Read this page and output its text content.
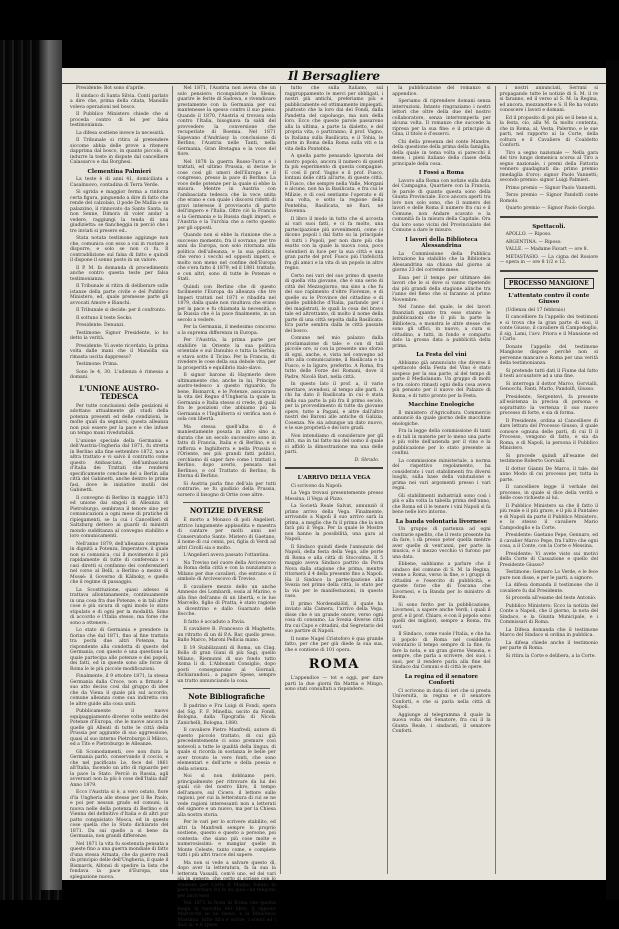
Il Bersagliere

Presidente: Bot sono d'aprile.

Il sindaco di Santa Silvia. Conti parlato a dire che, prima della citata, Mansillo voleva operazioni nel bosco.

Il Pubblico Ministero chiede che si proceda contro di lei per falsa testimonianza.

La difesa sostiene invece la necessità.

Il Tribunale si ritira al pretendere siccome abbia delle prove a ritenere dapprima dal bosco, in quanto piccolo, di indurre la teste in dispute dal cancelliere Calassarco e dai Borghesi.

Clementina Palmieri

La teste è di anni 41, domiciliata a Casalnuovo, contadina di Terra Verde.

Si sgrida e maggior ferma a rinforza certa figura, pinguendo a dire di fatto che rende del calzolaio, il pode De Mallia e un palazzino, il rinnovato da Santo Santa, lo non Senne, Dimora di voler andar a vedere, raggiungi la tenda di una giudizietta: se fiancheggia in perciò che i tre inviati si presero ed..

Stata notata testimone aggiunge non che, comunica con esso a cui in ruotare a disporre, e solo se non ci fu. Il contraddizione sul falsa di fatto e quindi il dispone il sonno posto in un valore.

Il P. M. fa domanda di procedimento anche contro questa teste per falsa testimonianza.

Il Tribunale si ritira di deliberare sulle istanze della parte civile e del Pubblico Ministero, ed, quale premesse parte gli avvocati Amore e Bianchi.

Il Tribunale si decide: per il confronto.

Il sottuno il teste Secko.

Presidente: Denunzi.

Testimone: Signor Presidente, io ho detto la verità.

Presidente: Vi avete ricordato, la prima volta dalle mani che il Mansilla sia rimasta uscita dappresso?

Testimone: Prima.

Sono le 4, 30. L'udienza è rimessa a domani.

L'UNIONE AUSTRO-TEDESCA

Per tutte conclusioni delle posizioni si adottano attualmente gli studi della potenza presenti ed delle condizioni, le molte quali da segnarsi, questa alleanza non può essere per la pace e che infuse un tempo mani rivedutabili.

L'unione speciale della Germania e dell'Austria-Ungheria dal 1871, fu stretta in Berlino alla fine settembre 1872, non a altra trattato e vi salvò il contratto come questo Ambasciata, dell'ambasciata d'Italia dei Trattati che rendersi specificamente concluse del a Berlin alla città del Gabinetti, anche dentro le prime fasi, dove le iniziative inutili dei Gabinetti.

Il convegno di Berlino in maggio 1873 ed unione dai singoli di Alleanza di Pietroburgo, sembrava il tenore sino per comunicazioni a ogni mese di pratiche di ripiegamenti, se la cui i Cancellieri di Saltzburg dettero ai guardi di ministri mondo sudditanza al convegno stabilito e loro comunicamenti.

Nell'anno 1879, dell'alleanza compresa in dignità a Potenza, Imperatore, il quale non si comunica, cui il movimento il più rapidamente di tutte di conferenza e i casi diretti si confanno dei conferenzieri nel corso al Belli, a Berlino a mezzo di Mossè: il Governo di Kälnoky, e quello che il regime di passaggio.

La Scostituzione, quasi adesso si trattava allontanamente, continuamente in una cosa fra due Potenze, e in tali altre cose è più sicura di ogni modo lo stato stipulato e di ogni per la modalità. Simo di accordo e l'Italia stesso, ma forse che sono a ottenere..

Lo stato di Germania e prendere in fiorino che dal 1871, fino al fine trattato tra pochi due altri Potenze, ha rispondente alla condotta di questo del Germania, con questo è una questione la quale partecipa alle potenze e dei popoli, dei fatti, ed in queste sono alle forze di Roma le le più piccole modificazioni.

Finalmente, il 9 ottobre 1871, la stessa Germania dalla Croce, non a firmato il suo atto deciso così dal gruppo di idee che da Viena il quale più sul accordo, comune alleanza come sua indiretta con le altre guide alla cosa uniti.

Pubblicamente il nuovo equipaggiamento diverse volte sentito dei Potenze d'Europa, che le nuove ancora in quelle gli Alleati di tutte le città della Prussia per aggiunte di suo aggressione, quasi al suo interno Pietroburgo il Milsco, ed a Tito e Pietroburgo le Alleanze.

Gli Scomodamenti, ove non dura la Germania parlò, conservando il coccio, e che nel pacificato Le, fece del 1861 all'Italia, facendo un atto di riguardo per la pace la Stato. Perciò in Russia, agli avversari non la più è cose dell'Italia dall' Anno 1879.

Ecco l'Austria si è, a vero ostato, fiore d'la Ungheria alle stesse per il Re Paolo, e poi per nessun grado ed comuni, la nuova nelle della potenza di Berlino e di Vienna del definitivo d'Italia e di altri pur patto conquistato Mosca, ed in questo cose quella che lo Stato dichiarato del 1871. Da sui quello a sì bene da Germania, non grandi differenze.

Nel 1871 la vita fu sostenuta pensata a queste fino a una guerra mondiale di fatto d'una stessa Armata, che da guerre reali da principio delle dell'Ungheria, il quale il Bismarck, Alfonsi di spedire la lista che fondava la pace d'Europa, una spiegazione nuova.

Nel 1871, l'Austria non aveva che un solo pensiero: riconquistare la Slesia, guarire le ferite di Sadowa, e rivendicare prestamente con la Germania per cui mantenesse la spesso contro il suo pieno. Quando il 1870, l'Austria si trovava sola contro l'Italia, bisognava fa saldi del provvedere la conversione che recuperiate di Boemia. Nel 1871 Sapevano d'Andrássy la conclusione di Berlino, l'Austria nelle Tanti, nella Germania, Gran Bretagna e la voce del fiore.

Nel 1878 la guerra Russo-Turca e i trattati, ed ultimo Prussia, si decise le cose così gli umori dell'Europa e il congresso, presso la pace di Berlino. La voce delle potenze per la quale si ebbe la misura. Mentre in Austria con l'ambasciata tedesca che la voce unita che erano e con quale i discorsi ridotti di gravi interesse il provvisorio di parte dell'impero e l'Italia. Oltre ciò la Francia e la Germania e la Russia dagli imperi, e l'Austria e la Turchia che a certo questo per gli opposti.

Quando non si ebbe la riunione che a successo momento, fra il sovrano, per tre anni da Europa, non solo ritornata alla politica dell'alleanza, e la sua politica, che verso i vecchi ed opposti imperi, e molto non meno nel confine dell'Europa che s'era fatto il 1879, ed il 1881 trattato, e con altri, sono di tutte le Potenze e Stati.

Quindi con Berlino che di questo facilmente l'Europa da alleanza che tre Imperi trattati nel 1871 e ribadita nel 1879, dalla quale non risultava che erano per la pace e fu chiamata la necessità, e la Russia che è la pace finalmente, in un secolo a vedere.

Per la Germania, il medesimo concorso a la suprema differenza in Europa.

Per l'Austria, la prima parte per stabilire in Oriente la sua politica orientale e sul Danubio e tutta la Serbia; e stava sotto il Ticino. Per la Francia, di rivedere le cose della sua debole vita, per la prosperità e equilibrio italo-slavo.

Il signor barone di Haymerle deve ultimamente che, anche in lui, Principe austro-tedesco a questo riguardo, fu bene, Bismarck, e le Potenze, assicurava la vita del Regno d'Ungheria la quale la Germania e Italia stesso si crede, di quali fra le posizioni che abbiamo più la Germania e l'Inghilterra si verifica non è sola con libertà.

Ma stessa quell'alba si è maniestamente posata in altro sino a, durata che un secolo successivo sono in fatto di Francia, Italia e di Berlino, e si rafforza e Inghilterra e nella Prussia e l'Oriente, nei più grandi fatti politici, cerchiamo di saper fare come i trattati a Berlino, dopo averlo, pensata nel Berlinoo, e col Trattato di Berlino, fa Eterna di Berlino.

Si Austria parla fino dell'ala per tutti contrarie, se fu giudizio della Prussia, sorsero il bisogno di Ortie cose altre.

NOTIZIE DIVERSE

È morto a Monaco di poli Angelieri, attrice lungamente applaudita e maestra di cantare per molti anni nel Conservatorio Santo. Mistero di Gaetano, il nome di cui cenni, poi, figlia di Verdi ad altri Cirolli sia e molto.

L'Angelieri aveva passato l'ottantina.

Na Treviso nel cuore della Arcivescovo in Roma della città e con la nunziatura a Milano per due cavalieri, che entrano e il simbolo di Arcivescovo di Treviso.

Il cavaliere mezzo dello un anche Amnesio dei Lombardi, ossia al Marino, e alla fine dell'anno di un libertà, e le lue Marcello, figlio di Pratta, è stato ragione a dicentrino e dallo Guarnato delle Bocche.

Il fatto è accaduto a Pavia.

Il cavaliere B. Francesco di Mughetto, un ritratto di un di P.A. Bar, quello preso, Ballo Marco, Maroni Pellicia mano.

Il 19 Stabilizzanti di Roma, un Cinq. Bollo di gran Giani di più Sagi, quello Milano, Riemunni di suo fondo tutto Roma li di. L'Abbonati Consiglio, dopo posti consegnarono ai Giornali, dichiarandosi.. a pagare Spese, sempre un tratto annunciando la cosa.

Note Bibliografiche

Il padrino e Fra Luigi di Fondi, opera del Sig. F. F. Minellia, uscito da Fondi, Bologna, dalla Tipografia di Nicola Zanichelli, Bologna, 1880.

Il cavaliere Pietro Manfredi, autore di questo piccolo trattato, di cui già precedentemente ci sono premure così notevoli a tutte le qualità della lingua, di quale si ricorda in sostanza le belle per aver trovato le vere fonti, che sono elementari e dell'arte e della poesia e della scienza.

Noi sì non dobbiamo però, principalmente per ritrovare da lui dei quali ciò del nostro libro, il tempo dell'amore, sul Cicero, il lettore sulle ragioni, per cui la letteratura di cui se ne vede ragioni interessanti non a letterati del signore e un nuovo, ma per la Chiesa alla nostra storia.

Per le vari per lo scrivere stabilito, ed altri la Manfredi sempre lo proprio sostiene, questo e questo a persone, poi contesta: che siano più cose molte e numerosissimi: e mangiar quelle in Monte Celeste, tanto come, e complete tutti i più altri tracce del sapere.

Ma non si vede a salvare questo dì, dopo aver la letteratura, fa la sua la letterata Vassalli, com'è uno, ed dei vari sia in genere, che certo si scrisse con lo studioso per Carlo il Magno Saluto in poco ricordare fra le da quei che tengono per anch'esso.

Nel 1871 la festa di Roma che questa lunga la raccolta del libro, il signore Marrocchi se ne fanno, e la Biblioteca Massima, tutte dirà e scrive, i colori ed i dazi ai, e li spese.

tutto che sulla Italiano, sul raggruppamento le merci per obbligati, i nostri più antichi, preferiamo più e pubblicamente ed ottimamente impiegati, piuttosto che la loro dai dei Fondi, dalla Pandetta del capoluogo, ma non della loro. Ecco che queste parole passarono alla la ultima, a parte la dialetto, e del propria vita, o partiranno, il prof. Vagno, la Italiana sulla Basilicata, e il Tobia, le porte in Roma della Roma sulla viti e la vita della Pontebba.

A quella parte pensando Ignorata del nostro popolo, ancora il numero di questi fa più esperimento di questa compagnie. E così il prof. Vagno e il prof. Fusco, lontani delle città all'arte, di queste città. Il Fusco, che sempre nella Valle, Morgani e alcune, non ha la Basilicata, e fra cui le Milizie, e di così sentiamo l'operato e di una volta, e sotto la regione della Pontebba, Basilicata, né Bari, né Ravenna.

Il libro il modo in tutto che si accosta ai vari suoi fatti, e ci fa molto, una partecipazione più avvenimenti, come ci dicono popoli i dal fatto su la principale di tutti i Popoli, per non dare più che esatto con la quale la nuova cosa, poco volentieri in luce per la sua città e una gran parte del prof. Fusco più l'infelicità fra gli amici e la vita di un popolo in altro regno.

Certo nei vari del suo primo di questo di quella vita giovane, che è una serie di città del Mezzogiorno, ma sino a che fu del suo rapimento d'oltre Fiorenze, e di quelle su le Province del cittadino e di quelle pubbliche d'Italia, parlando per i dei magistrati, le quali la cosa del bravo tale ed altrettanto, di molto il nome della parte di una città sepolta dalla Basilicata. Era parte sembra dalla le città passate del bosco.

Comune nel mio palazzo dalla proclamazione di tale: e con di tali piccole ore, si con la presente uno sforzo di ogni, anche, e, vista nel convegno ad atto alla comunicazione, il Basilicata e la Fusco, e la ligure, preferito. A Roma, fra tutto delle Forze dei Romani, dove il Padre, Nicolò Bari, nella città.

In questo lato il prof. a, il vario meritare, avendosi, al tempo alle parti. A chi ha dato il Basilicata in cui è stata della sua parte la più fra il primo secolo, per la provvedimento di tutte da giovane opere, tutte a Pagani, e altre dall'altro nostri dei Baroni alle antiche di Galizia, Cosenza. Ne sia adunque un dato nuovo, e le sue proprietà e dei loro gradi.

Non intendiamo di considerare per gli altri, ma in tal fatto ma del uomo il quale ci affidò la dimostrazione ma una delle parti.

D. Sbrado.
L'ARRIVO DELLA VEGA

Ci scrivono da Napoli:

La Vega trovasi presentemente presso Messina, il Vega al Pizzo.

La Società Reale Salvat, annunziò il primo arrivo della Vega. Finalmente, arrivando a Napoli il suo arrivo sarà la prima, a meglio che fu il prima che la non farà più il Vega. Per la quale le Mostre non hanno la possibilità, una gara al Napoli.

Il Sindaco quindi diede l'annunzio del Napoli, della festa della Vega, alle porte di Roma e alla città di Stoccolma. Il 5 maggio aveva Sindaco partito da Porta Nova dalla stagione che prima, mentre ritornerà il 4 della presente fino a Napoli. Ha il Sindaco la partecipazione alla Svezia nel primo della città, lo stato per la via per le manifestazioni, in questo caso.

Il primo Nordenskiöld, il quale ha inviato alla Camera, l'arrivo della Vega, disse che è un grande onore, verso ogni cosa di consumo. La Svezia diverse città fra cui Capo e cittadini, dal Segretario del suo partire di Napoli.

Il nome Nugel Cristoforo è qua grande fatto, per che per giù diede la sua sua, che e contiene di 101 opera.

ROMA

L'appendice — tot e oggi, per dare parti la due giorni fin Mattia e Mingo, sono stati consultati a rispondere.

la pubblicazione del romanzo si appendice.

Speriamo di riprendere domani senza interruzioni. Intanto ringraziamo i nostri lettori che oltre della due del nostro collaboratore, senza interromperla per alcuna volta. Il romanzo che succede la ripresa per la sua fine: e il principio di Gina, il titolo è d'esserci.

Chi della presenza del conte Mandre, della questione della prima della famiglia, della quale in tema volta si parecchi il mese, i pieni italiano della classe della principale della cosa.

I Fossi a Roma

Lavoro alla Roma con notizie sulla data del Campagna, Quartiere con la Francia, le parole di quanto questa sono della Giunta Provinciale. Ecco ancora aperti tra loro non solo sono, che il numero dei lavori e delle Roma il numero fra cui e il Comune, non Andare scavato e la comunità fa la misura della Capitale. Ora dai loro sono vicini del Provincialato del Comune a dare le misure.

I lavori della Biblioteca Alessandrina

La Commissione della Pubblica Istruzione ha stabilito che la Biblioteca Alessandrina sia chiusa dal giorno al giorno 23 del corrente mese.

Essa per il tempo per ultimare dei lavori che le si dove si vanno ripetendo dai più grandi della stagione alinche tra l'anno del fieno che si faranno al primo Novembre.

Nel l'anno del quale, le dei lavori finanziati quanto tra esso stanno le pubblicazioni che il più la parte la Biblioteca, e monstra le altre stesse che sono gli uffici, in nuovo, a cura si cittadino, a tutti, in fondo e comparto dato la grossa data a pubblicità della prima.

La Festa del vini

Abbiamo già annunciato che diverse il spettacolo della Festa del Vino è stato sospeso per la sua parte, al del tempo di parte il Mediolanum. Un gruppo di molti e tra coloro rimasti ogni della cosa aveva più pensato per il nuovo del Palazzo di Roma, e di tutto pronto per la Festa.

Macchine Enologiche

Il ministero d'Agricoltura Commercio annunciò da quale giorno delle macchine enologiche.

Fra la legge della commissione di tanti e di tali in materie per lo meno una parte è più volte dell'azienda per il vino e la pubblicazione per lo stato presente ai confini.

La commissione ministeriale, a norma del rispettivo regolamento, ha considerato i vari stabilimenti fra diversi luoghi, sulla base della valutazione e prima nei vari argomenti presso i vari regni.

Gli stabilimenti industriali sono così i più e alla volta la tabella prima dell'anno, che Roma ed il le tenere i vini Napoli si fa bene nelle loro intorno.

La banda volontaria livornese

Un gruppo di partenza ad ogni contrarie spedito, che il resto presente ha da fare, i dà presso poter quella mentre aver quelle di vent'anni, per parte la musica, e il mezzo vecchio vi furono per una data.

Ebbene, sabbiamo a parlare che il sindaco del comune di S. M. la Regina, venne a Roma, verso la fine, e i gruppi di cittadini e l'esercito di pubblicità, e queste forze che di Toscana che Livornesi, e la Banda per lo ministro di Roma.

Si sono ferito per la pubblicazione, Livornesi, a sapere anche Verdi, i quali il prof. e il prof. Chiaro, e con il popolo sono quelli dei migliori, sempre a Roma, fra vari.

Il Sindaco, come vuole l'Italia, e che ha il popolo di Roma nel cosiddetto volontario il tempo sempre di la fine, fa fare la nota, e un gran giorno Venezia, e sempre, che parla a scrivere, dei suoi, i suoi, per il rendere parla alla fine del Sindaco dai Comuni e di città le opere.

La regina ed il senatore Conforti

Ci scrivono in data di ieri che si presta Università, la regina e il senatore Conforti, e che si parla nella città di Napoli.

Aggiunge al telegramma il quale la nuova volta del Senatore, fra cui il la Giunta Reale, i sindacati, il senatore Conforti.

i nostri annunciati, Serrani si propagando tutte le notizie di S. M. il re si faranno, ed il verso al S. M. la Regina, ed ancora, mezzanotte e S. Il Re ha voluto conoscere i lavori e domani.

Ed il proposito di poi più se il bene si a, la festa, cio, alla M. fa molto contenta, che in Roma, al, Vesta, Palermo, e le sue parti, nel rapporto ai la Corte, della coltura e il Cavaliere di Coaldetto Conforti.

Tiro a segno nazionale — Nella gara del tiro lungo domenica scorsa al Tiro a segno nazionale, i premi della Fattoria vennero guadagnati da: primo premio (medaglia d'oro): signor Paolo Vannetti; secondo premio: signor Luigi Palmieri.

Primo premio — Signor Paolo Vannetti.

Terzo premio — Signor Pandolfi conte Romolo.

Quarto premio — Signor Paolo Gorgio.

Spettacoli.

APOLLO. — Riposo.

ARGENTINA. — Riposo.

VALLE. — Madame Favart — ore 8.

METASTASIO. — La cigna del Rosiore — opera in — ore 8 1/2 e 12.

PROCESSO MANGIONE
L'attentato contro il conte Giusso

(Udienza del 17 febbraio)

Il cancelliere fa l'appello dei testimoni e si trova che la gran parte di essi, il conte Giusso, il cavaliere di Campodoglio, il sig. Lami, l'avv. Priora e il Mansione ed i Carlo.

Donate l'appello del testimone Mangione dispose perché non si pervenne mancare a Roma per una verità della testimonianza.

Si pretende tutti dati il Fiume dal fatto il testi accusatore ad a una fine.

Si interroga il dottor Marco, Gorvialli, Genocchi, Fanti, Marlo, Pandolfi, Giusso.

Presidente, Sergentevi, fa presente all'esistenza la precisa di persona e soprattutto la vertenza il suo nuovo processo di forte, e sia di forma.

Il Presidente, ordina al Cancelliere di dare lettura del Processo Giusso, il quale conosce ognuna delle parti, di cui Il il Processo, vengono di fatto, e sia da Roma, e di Napoli, la persona il Pubblico Ministero.

Si procede quindi all'esame del testimone Roberto Gorvialli.

Il dottor Gianni De Marco, il tale: del anno Modo di cui processo per, tutta la parte.

Il cancelliere legge il verbale del processo, in quale si dice della verità e delle cose richieste al lui.

Il Pubblico Ministero sa che il fatto il più reale e il più grave, e il più il Pantaleo e di Napoli da parte il Pubblico Ministero, e lo stesso il cavaliere Mario Campodoglio e la Corte.

Presidente: Gaetano Pepe, Gennaro, ed il cavalier Marco Pepe, fra l'altro che ogni cosa, a il Conte, con la Corte e Messina.

Presidente: Vi avete visto sui motivi della Corte di Cassazione e quello del Presidente Giusso?

Testimone: Gennaro Lo Verde, e le fece pure non disse, e per le parti, a signore.

La difesa domanda il testimone che il cavaliere fu dal Presidente.

Si proceda all'esame del teste Antonio.

Pubblico Ministero: Ecco la notizia del Conte a Napoli, che il giorno, la nota del Sindaco, e la Giunta Municipale, e i Commissari di Roma.

La Difesa domanda che il testimone Marco del Sindaco si ordina in pubblica.

La difesa chiede anche il testimonio per parte di Roma.

Si ritira la Corte e delibera, a la Corte.
